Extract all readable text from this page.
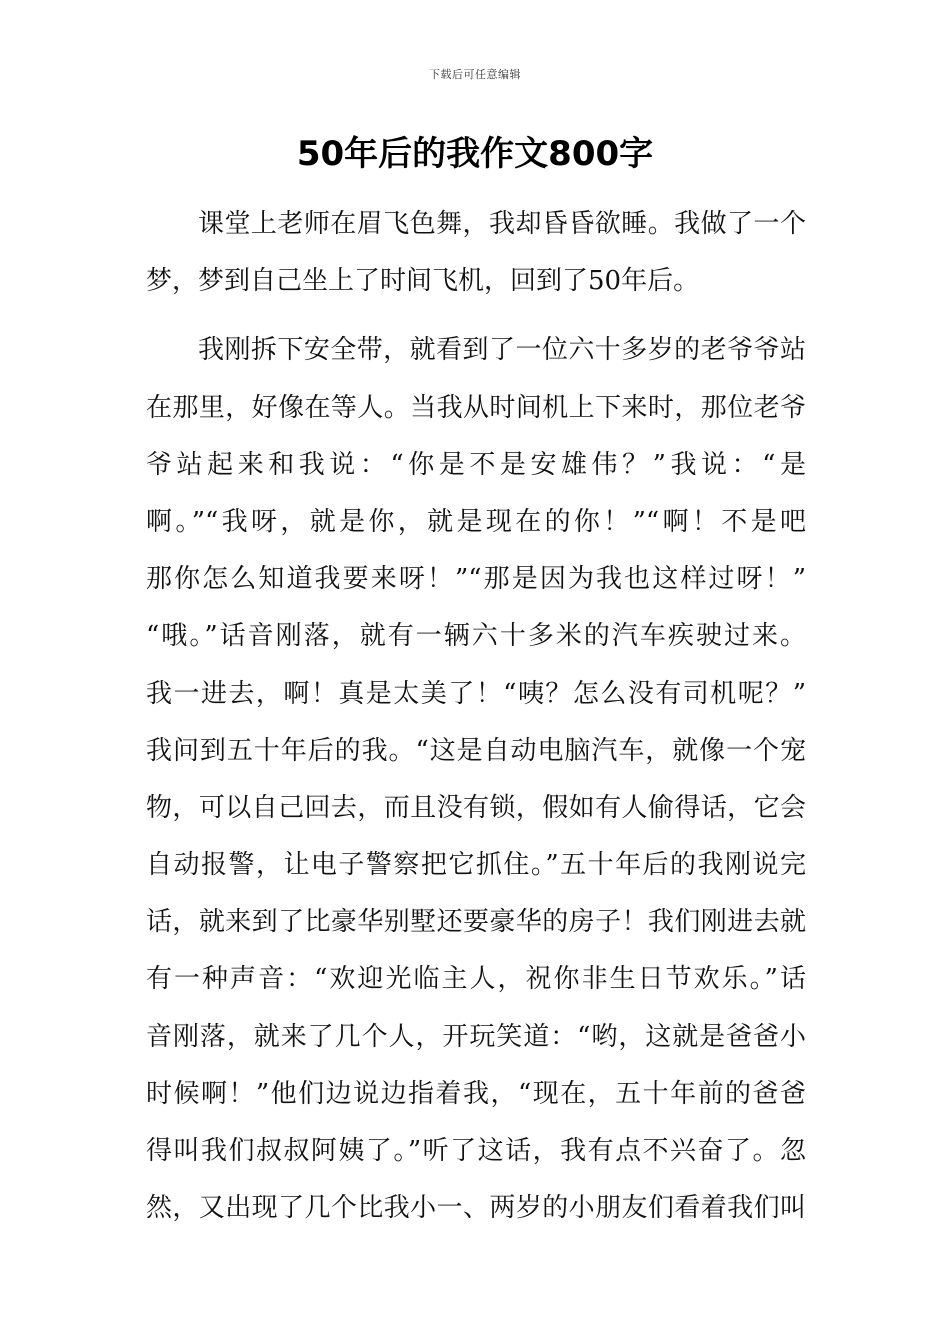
下载后可任意编辑
50年后的我作文800字
课堂上老师在眉飞色舞，我却昏昏欲睡。我做了一个
梦，梦到自己坐上了时间飞机，回到了50年后。
我刚拆下安全带，就看到了一位六十多岁的老爷爷站
在那里，好像在等人。当我从时间机上下来时，那位老爷
爷站起来和我说：“你是不是安雄伟？”我说：“是
啊。”“我呀，就是你，就是现在的你！”“啊！不是吧
那你怎么知道我要来呀！”“那是因为我也这样过呀！”
“哦。”话音刚落，就有一辆六十多米的汽车疾驶过来。
我一进去，啊！真是太美了！“咦？怎么没有司机呢？”
我问到五十年后的我。“这是自动电脑汽车，就像一个宠
物，可以自己回去，而且没有锁，假如有人偷得话，它会
自动报警，让电子警察把它抓住。”五十年后的我刚说完
话，就来到了比豪华别墅还要豪华的房子！我们刚进去就
有一种声音：“欢迎光临主人，祝你非生日节欢乐。”话
音刚落，就来了几个人，开玩笑道：“哟，这就是爸爸小
时候啊！”他们边说边指着我，“现在，五十年前的爸爸
得叫我们叔叔阿姨了。”听了这话，我有点不兴奋了。忽
然，又出现了几个比我小一、两岁的小朋友们看着我们叫
